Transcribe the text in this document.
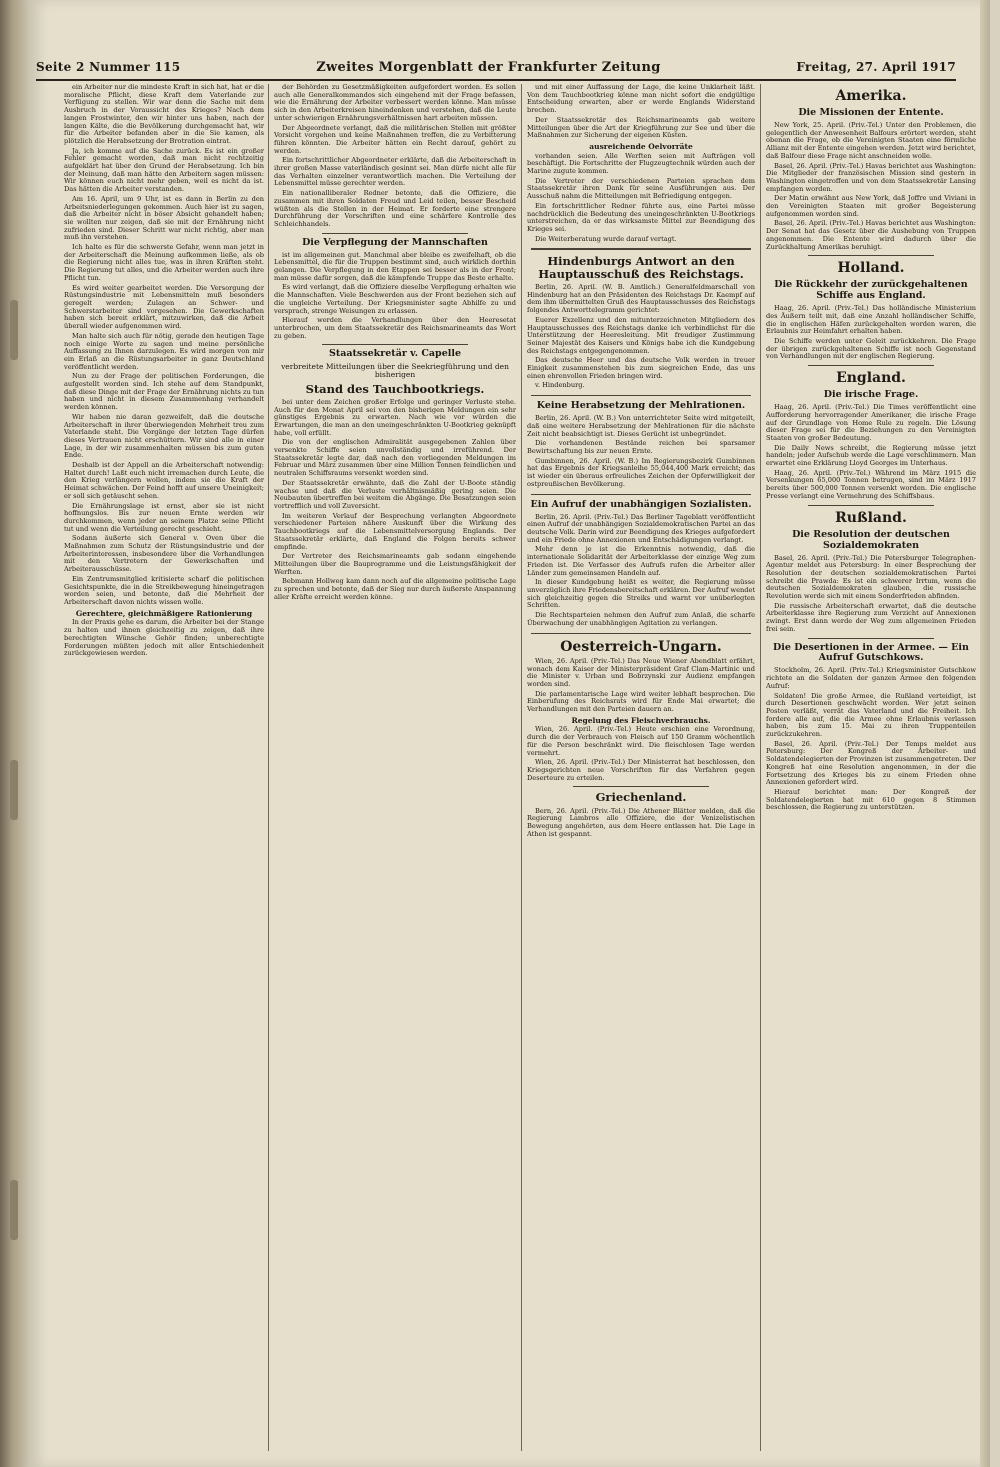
Seite 2 Nummer 115	Zweites Morgenblatt der Frankfurter Zeitung	Freitag, 27. April 1917

ein Arbeiter nur die mindeste Kraft in sich hat, hat er die moralische Pflicht, diese Kraft dem Vaterlande zur Verfügung zu stellen. Wir war denn die Sache mit dem Ausbruch in der Voraussicht des Krieges? Nach dem langen Frostwinter, den wir hinter uns haben, nach der langen Kälte, die die Bevölkerung durchgemacht hat, wir für die Arbeiter befanden aber in die Sie kamen, als plötzlich die Herabsetzung der Brotration eintrat.

Ja, ich komme auf die Sache zurück. Es ist ein großer Fehler gemacht worden, daß man nicht rechtzeitig aufgeklärt hat über den Grund der Herabsetzung. Ich bin der Meinung, daß man hätte den Arbeitern sagen müssen: Wir können euch nicht mehr geben, weil es nicht da ist. Das hätten die Arbeiter verstanden.

Am 16. April, um 9 Uhr, ist es dann in Berlin zu den Arbeitsniederlegungen gekommen. Auch hier ist zu sagen, daß die Arbeiter nicht in böser Absicht gehandelt haben; sie wollten nur zeigen, daß sie mit der Ernährung nicht zufrieden sind. Dieser Schritt war nicht richtig, aber man muß ihn verstehen.

Ich halte es für die schwerste Gefahr, wenn man jetzt in der Arbeiterschaft die Meinung aufkommen ließe, als ob die Regierung nicht alles tue, was in ihren Kräften steht. Die Regierung tut alles, und die Arbeiter werden auch ihre Pflicht tun.

Es wird weiter gearbeitet werden. Die Versorgung der Rüstungsindustrie mit Lebensmitteln muß besonders geregelt werden; Zulagen an Schwer- und Schwerstarbeiter sind vorgesehen. Die Gewerkschaften haben sich bereit erklärt, mitzuwirken, daß die Arbeit überall wieder aufgenommen wird.

Man halte sich auch für nötig, gerade den heutigen Tage noch einige Worte zu sagen und meine persönliche Auffassung zu Ihnen darzulegen. Es wird morgen von mir ein Erlaß an die Rüstungsarbeiter in ganz Deutschland veröffentlicht werden.

Nun zu der Frage der politischen Forderungen, die aufgestellt worden sind. Ich stehe auf dem Standpunkt, daß diese Dinge mit der Frage der Ernährung nichts zu tun haben und nicht in diesem Zusammenhang verhandelt werden können.

Wir haben nie daran gezweifelt, daß die deutsche Arbeiterschaft in ihrer überwiegenden Mehrheit treu zum Vaterlande steht. Die Vorgänge der letzten Tage dürfen dieses Vertrauen nicht erschüttern. Wir sind alle in einer Lage, in der wir zusammenhalten müssen bis zum guten Ende.

Deshalb ist der Appell an die Arbeiterschaft notwendig: Haltet durch! Laßt euch nicht irremachen durch Leute, die den Krieg verlängern wollen, indem sie die Kraft der Heimat schwächen. Der Feind hofft auf unsere Uneinigkeit; er soll sich getäuscht sehen.

Die Ernährungslage ist ernst, aber sie ist nicht hoffnungslos. Bis zur neuen Ernte werden wir durchkommen, wenn jeder an seinem Platze seine Pflicht tut und wenn die Verteilung gerecht geschieht.

Sodann äußerte sich General v. Oven über die Maßnahmen zum Schutz der Rüstungsindustrie und der Arbeiterinteressen, insbesondere über die Verhandlungen mit den Vertretern der Gewerkschaften und Arbeiterausschüsse.

Ein Zentrumsmitglied kritisierte scharf die politischen Gesichtspunkte, die in die Streikbewegung hineingetragen worden seien, und betonte, daß die Mehrheit der Arbeiterschaft davon nichts wissen wolle.

Gerechtere, gleichmäßigere Rationierung

In der Praxis gehe es darum, die Arbeiter bei der Stange zu halten und ihnen gleichzeitig zu zeigen, daß ihre berechtigten Wünsche Gehör finden; unberechtigte Forderungen müßten jedoch mit aller Entschiedenheit zurückgewiesen werden.

der Behörden zu Gesetzmäßigkeiten aufgefordert worden. Es sollen auch alle Generalkommandos sich eingehend mit der Frage befassen, wie die Ernährung der Arbeiter verbessert werden könne. Man müsse sich in den Arbeiterkreisen hineindenken und verstehen, daß die Leute unter schwierigen Ernährungsverhältnissen hart arbeiten müssen.

Der Abgeordnete verlangt, daß die militärischen Stellen mit größter Vorsicht vorgehen und keine Maßnahmen treffen, die zu Verbitterung führen könnten. Die Arbeiter hätten ein Recht darauf, gehört zu werden.

Ein fortschrittlicher Abgeordneter erklärte, daß die Arbeiterschaft in ihrer großen Masse vaterländisch gesinnt sei. Man dürfe nicht alle für das Verhalten einzelner verantwortlich machen. Die Verteilung der Lebensmittel müsse gerechter werden.

Ein nationalliberaler Redner betonte, daß die Offiziere, die zusammen mit ihren Soldaten Freud und Leid teilen, besser Bescheid wüßten als die Stellen in der Heimat. Er forderte eine strengere Durchführung der Vorschriften und eine schärfere Kontrolle des Schleichhandels.

Die Verpflegung der Mannschaften

ist im allgemeinen gut. Manchmal aber bleibe es zweifelhaft, ob die Lebensmittel, die für die Truppen bestimmt sind, auch wirklich dorthin gelangen. Die Verpflegung in den Etappen sei besser als in der Front; man müsse dafür sorgen, daß die kämpfende Truppe das Beste erhalte.

Es wird verlangt, daß die Offiziere dieselbe Verpflegung erhalten wie die Mannschaften. Viele Beschwerden aus der Front beziehen sich auf die ungleiche Verteilung. Der Kriegsminister sagte Abhilfe zu und versprach, strenge Weisungen zu erlassen.

Hierauf werden die Verhandlungen über den Heeresetat unterbrochen, um dem Staatssekretär des Reichsmarineamts das Wort zu geben.

Staatssekretär v. Capelle
verbreitete Mitteilungen über die Seekriegführung und den bisherigen
Stand des Tauchbootkriegs.

bei unter dem Zeichen großer Erfolge und geringer Verluste stehe. Auch für den Monat April sei von den bisherigen Meldungen ein sehr günstiges Ergebnis zu erwarten. Nach wie vor würden die Erwartungen, die man an den uneingeschränkten U-Bootkrieg geknüpft habe, voll erfüllt.

Die von der englischen Admiralität ausgegebenen Zahlen über versenkte Schiffe seien unvollständig und irreführend. Der Staatssekretär legte dar, daß nach den vorliegenden Meldungen im Februar und März zusammen über eine Million Tonnen feindlichen und neutralen Schiffsraums versenkt worden sind.

Der Staatssekretär erwähnte, daß die Zahl der U-Boote ständig wachse und daß die Verluste verhältnismäßig gering seien. Die Neubauten übertreffen bei weitem die Abgänge. Die Besatzungen seien vortrefflich und voll Zuversicht.

Im weiteren Verlauf der Besprechung verlangten Abgeordnete verschiedener Parteien nähere Auskunft über die Wirkung des Tauchbootkriegs auf die Lebensmittelversorgung Englands. Der Staatssekretär erklärte, daß England die Folgen bereits schwer empfinde.

Der Vertreter des Reichsmarineamts gab sodann eingehende Mitteilungen über die Bauprogramme und die Leistungsfähigkeit der Werften.

Bebmann Hollweg kam dann noch auf die allgemeine politische Lage zu sprechen und betonte, daß der Sieg nur durch äußerste Anspannung aller Kräfte erreicht werden könne.

und mit einer Auffassung der Lage, die keine Unklarheit läßt. Von dem Tauchbootkrieg könne man nicht sofort die endgültige Entscheidung erwarten, aber er werde Englands Widerstand brechen.

Der Staatssekretär des Reichsmarineamts gab weitere Mitteilungen über die Art der Kriegführung zur See und über die Maßnahmen zur Sicherung der eigenen Küsten.

ausreichende Oelvorräte

vorhanden seien. Alle Werften seien mit Aufträgen voll beschäftigt. Die Fortschritte der Flugzeugtechnik würden auch der Marine zugute kommen.

Die Vertreter der verschiedenen Parteien sprachen dem Staatssekretär ihren Dank für seine Ausführungen aus. Der Ausschuß nahm die Mitteilungen mit Befriedigung entgegen.

Ein fortschrittlicher Redner führte aus, eine Partei müsse nachdrücklich die Bedeutung des uneingeschränkten U-Bootkriegs unterstreichen, da er das wirksamste Mittel zur Beendigung des Krieges sei.

Die Weiterberatung wurde darauf vertagt.

Hindenburgs Antwort an den Hauptausschuß des Reichstags.

Berlin, 26. April. (W. B. Amtlich.) Generalfeldmarschall von Hindenburg hat an den Präsidenten des Reichstags Dr. Kaempf auf dem ihm übermittelten Gruß des Hauptausschusses des Reichstags folgendes Antworttelegramm gerichtet:

Euerer Exzellenz und den mitunterzeichneten Mitgliedern des Hauptausschusses des Reichstags danke ich verbindlichst für die Unterstützung der Heeresleitung. Mit freudiger Zustimmung Seiner Majestät des Kaisers und Königs habe ich die Kundgebung des Reichstags entgegengenommen.

Das deutsche Heer und das deutsche Volk werden in treuer Einigkeit zusammenstehen bis zum siegreichen Ende, das uns einen ehrenvollen Frieden bringen wird.

v. Hindenburg.

Keine Herabsetzung der Mehlrationen.

Berlin, 26. April. (W. B.) Von unterrichteter Seite wird mitgeteilt, daß eine weitere Herabsetzung der Mehlrationen für die nächste Zeit nicht beabsichtigt ist. Dieses Gerücht ist unbegründet.

Die vorhandenen Bestände reichen bei sparsamer Bewirtschaftung bis zur neuen Ernte.

Gumbinnen, 26. April. (W. B.) Im Regierungsbezirk Gumbinnen hat das Ergebnis der Kriegsanleihe 55,044,400 Mark erreicht; das ist wieder ein überaus erfreuliches Zeichen der Opferwilligkeit der ostpreußischen Bevölkerung.

Ein Aufruf der unabhängigen Sozialisten.

Berlin, 26. April. (Priv.-Tel.) Das Berliner Tageblatt veröffentlicht einen Aufruf der unabhängigen Sozialdemokratischen Partei an das deutsche Volk. Darin wird zur Beendigung des Krieges aufgefordert und ein Friede ohne Annexionen und Entschädigungen verlangt.

Mehr denn je ist die Erkenntnis notwendig, daß die internationale Solidarität der Arbeiterklasse der einzige Weg zum Frieden ist. Die Verfasser des Aufrufs rufen die Arbeiter aller Länder zum gemeinsamen Handeln auf.

In dieser Kundgebung heißt es weiter, die Regierung müsse unverzüglich ihre Friedensbereitschaft erklären. Der Aufruf wendet sich gleichzeitig gegen die Streiks und warnt vor unüberlegten Schritten.

Die Rechtsparteien nehmen den Aufruf zum Anlaß, die scharfe Überwachung der unabhängigen Agitation zu verlangen.

Oesterreich-Ungarn.

Wien, 26. April. (Priv.-Tel.) Das Neue Wiener Abendblatt erfährt, wonach dem Kaiser der Ministerpräsident Graf Clam-Martinic und die Minister v. Urban und Bobrzynski zur Audienz empfangen worden sind.

Die parlamentarische Lage wird weiter lebhaft besprochen. Die Einberufung des Reichsrats wird für Ende Mai erwartet; die Verhandlungen mit den Parteien dauern an.

Regelung des Fleischverbrauchs.

Wien, 26. April. (Priv.-Tel.) Heute erschien eine Verordnung, durch die der Verbrauch von Fleisch auf 150 Gramm wöchentlich für die Person beschränkt wird. Die fleischlosen Tage werden vermehrt.

Wien, 26. April. (Priv.-Tel.) Der Ministerrat hat beschlossen, den Kriegsgerichten neue Vorschriften für das Verfahren gegen Deserteure zu erteilen.

Griechenland.

Bern, 26. April. (Priv.-Tel.) Die Athener Blätter melden, daß die Regierung Lambros alle Offiziere, die der Venizelistischen Bewegung angehörten, aus dem Heere entlassen hat. Die Lage in Athen ist gespannt.

Amerika.
Die Missionen der Entente.

New York, 25. April. (Priv.-Tel.) Unter den Problemen, die gelegentlich der Anwesenheit Balfours erörtert werden, steht obenan die Frage, ob die Vereinigten Staaten eine förmliche Allianz mit der Entente eingehen werden. Jetzt wird berichtet, daß Balfour diese Frage nicht anschneiden wolle.

Basel, 26. April. (Priv.-Tel.) Havas berichtet aus Washington: Die Mitglieder der französischen Mission sind gestern in Washington eingetroffen und von dem Staatssekretär Lansing empfangen worden.

Der Matin erwähnt aus New York, daß Joffre und Viviani in den Vereinigten Staaten mit großer Begeisterung aufgenommen worden sind.

Basel, 26. April. (Priv.-Tel.) Havas berichtet aus Washington: Der Senat hat das Gesetz über die Aushebung von Truppen angenommen. Die Entente wird dadurch über die Zurückhaltung Amerikas beruhigt.

Holland.
Die Rückkehr der zurückgehaltenen Schiffe aus England.

Haag, 26. April. (Priv.-Tel.) Das holländische Ministerium des Äußern teilt mit, daß eine Anzahl holländischer Schiffe, die in englischen Häfen zurückgehalten worden waren, die Erlaubnis zur Heimfahrt erhalten haben.

Die Schiffe werden unter Geleit zurückkehren. Die Frage der übrigen zurückgehaltenen Schiffe ist noch Gegenstand von Verhandlungen mit der englischen Regierung.

England.
Die irische Frage.

Haag, 26. April. (Priv.-Tel.) Die Times veröffentlicht eine Aufforderung hervorragender Amerikaner, die irische Frage auf der Grundlage von Home Rule zu regeln. Die Lösung dieser Frage sei für die Beziehungen zu den Vereinigten Staaten von großer Bedeutung.

Die Daily News schreibt, die Regierung müsse jetzt handeln; jeder Aufschub werde die Lage verschlimmern. Man erwartet eine Erklärung Lloyd Georges im Unterhaus.

Haag, 26. April. (Priv.-Tel.) Während im März 1915 die Versenkungen 65,000 Tonnen betrugen, sind im März 1917 bereits über 500,000 Tonnen versenkt worden. Die englische Presse verlangt eine Vermehrung des Schiffsbaus.

Rußland.
Die Resolution der deutschen Sozialdemokraten

Basel, 26. April. (Priv.-Tel.) Die Petersburger Telegraphen-Agentur meldet aus Petersburg: In einer Besprechung der Resolution der deutschen sozialdemokratischen Partei schreibt die Prawda: Es ist ein schwerer Irrtum, wenn die deutschen Sozialdemokraten glauben, die russische Revolution werde sich mit einem Sonderfrieden abfinden.

Die russische Arbeiterschaft erwartet, daß die deutsche Arbeiterklasse ihre Regierung zum Verzicht auf Annexionen zwingt. Erst dann werde der Weg zum allgemeinen Frieden frei sein.

Die Desertionen in der Armee. — Ein Aufruf Gutschkows.

Stockholm, 26. April. (Priv.-Tel.) Kriegsminister Gutschkow richtete an die Soldaten der ganzen Armee den folgenden Aufruf:

Soldaten! Die große Armee, die Rußland verteidigt, ist durch Desertionen geschwächt worden. Wer jetzt seinen Posten verläßt, verrät das Vaterland und die Freiheit. Ich fordere alle auf, die die Armee ohne Erlaubnis verlassen haben, bis zum 15. Mai zu ihren Truppenteilen zurückzukehren.

Basel, 26. April. (Priv.-Tel.) Der Temps meldet aus Petersburg: Der Kongreß der Arbeiter- und Soldatendelegierten der Provinzen ist zusammengetreten. Der Kongreß hat eine Resolution angenommen, in der die Fortsetzung des Krieges bis zu einem Frieden ohne Annexionen gefordert wird.

Hierauf berichtet man: Der Kongreß der Soldatendelegierten hat mit 610 gegen 8 Stimmen beschlossen, die Regierung zu unterstützen.
